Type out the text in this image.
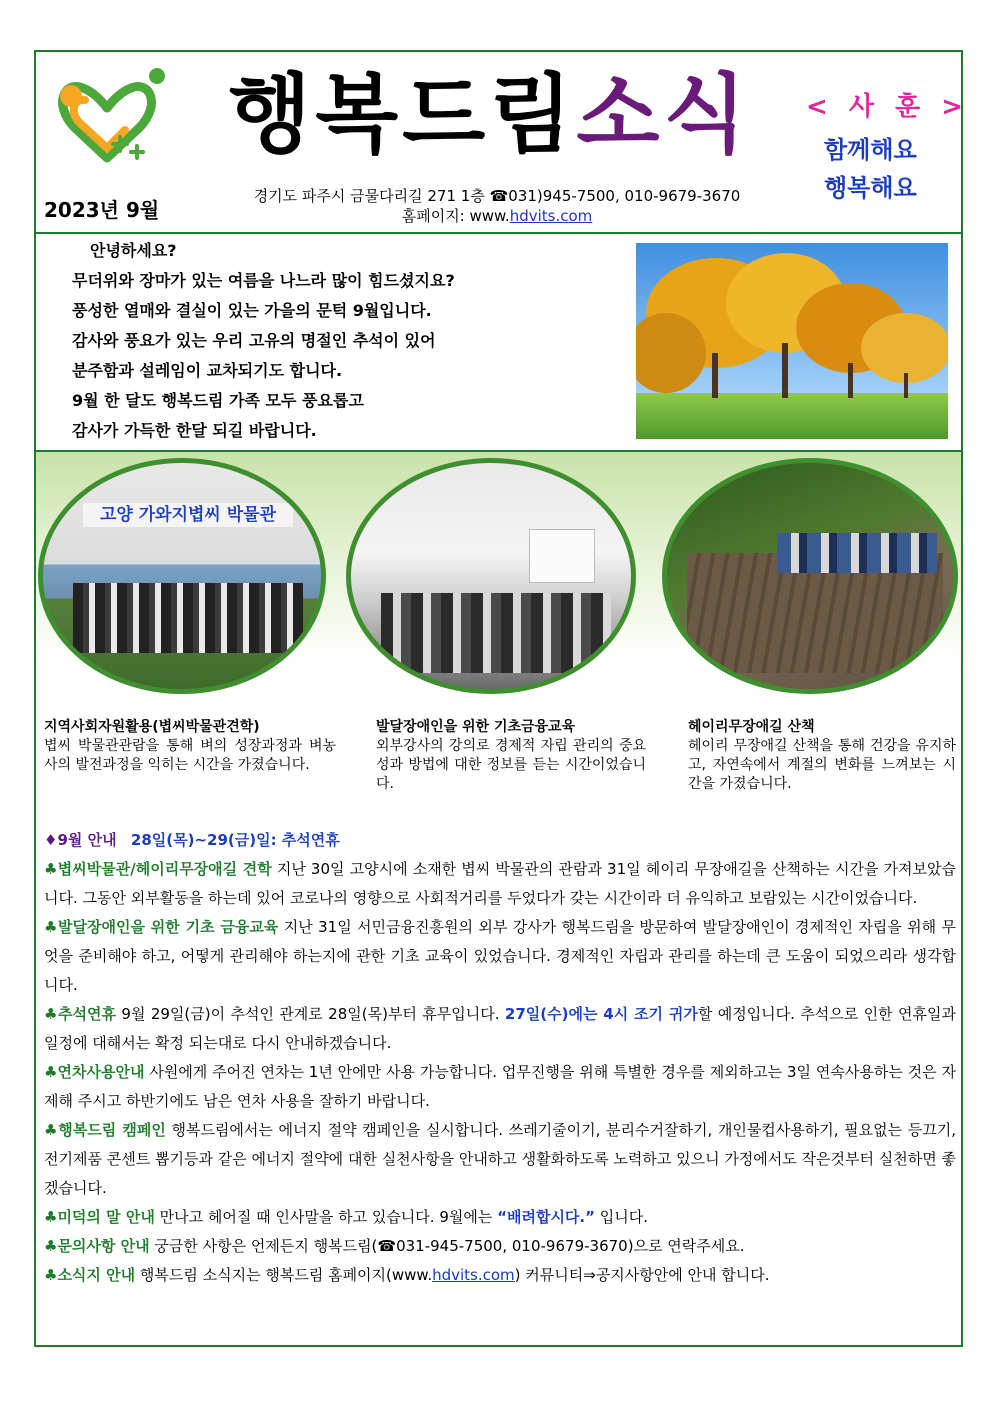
행복드림소식 < 사 훈 >
함께해요
행복해요
2023년 9월
경기도 파주시 금물다리길 271 1층 ☎031)945-7500, 010-9679-3670
홈페이지: www.hdvits.com
안녕하세요?
무더위와 장마가 있는 여름을 나느라 많이 힘드셨지요?
풍성한 열매와 결실이 있는 가을의 문턱 9월입니다.
감사와 풍요가 있는 우리 고유의 명절인 추석이 있어
분주함과 설레임이 교차되기도 합니다.
9월 한 달도 행복드림 가족 모두 풍요롭고
감사가 가득한 한달 되길 바랍니다.
고양 가와지볍씨 박물관
지역사회자원활용(볍씨박물관견학)
볍씨 박물관관람을 통해 벼의 성장과정과 벼농사의 발전과정을 익히는 시간을 가졌습니다.
발달장애인을 위한 기초금융교육
외부강사의 강의로 경제적 자립 관리의 중요성과 방법에 대한 정보를 듣는 시간이었습니다.
헤이리무장애길 산책
헤이리 무장애길 산책을 통해 건강을 유지하고, 자연속에서 계절의 변화를 느껴보는 시간을 가졌습니다.

♦9월 안내 28일(목)~29(금)일: 추석연휴

♣볍씨박물관/헤이리무장애길 견학 지난 30일 고양시에 소재한 볍씨 박물관의 관람과 31일 헤이리 무장애길을 산책하는 시간을 가져보았습니다. 그동안 외부활동을 하는데 있어 코로나의 영향으로 사회적거리를 두었다가 갖는 시간이라 더 유익하고 보람있는 시간이었습니다.

♣발달장애인을 위한 기초 금융교육 지난 31일 서민금융진흥원의 외부 강사가 행복드림을 방문하여 발달장애인이 경제적인 자립을 위해 무엇을 준비해야 하고, 어떻게 관리해야 하는지에 관한 기초 교육이 있었습니다. 경제적인 자립과 관리를 하는데 큰 도움이 되었으리라 생각합니다.

♣추석연휴 9월 29일(금)이 추석인 관계로 28일(목)부터 휴무입니다. 27일(수)에는 4시 조기 귀가할 예정입니다. 추석으로 인한 연휴일과 일정에 대해서는 확정 되는대로 다시 안내하겠습니다.

♣연차사용안내 사원에게 주어진 연차는 1년 안에만 사용 가능합니다. 업무진행을 위해 특별한 경우를 제외하고는 3일 연속사용하는 것은 자제해 주시고 하반기에도 남은 연차 사용을 잘하기 바랍니다.

♣행복드림 캠페인 행복드림에서는 에너지 절약 캠페인을 실시합니다. 쓰레기줄이기, 분리수거잘하기, 개인물컵사용하기, 필요없는 등끄기, 전기제품 콘센트 뽑기등과 같은 에너지 절약에 대한 실천사항을 안내하고 생활화하도록 노력하고 있으니 가정에서도 작은것부터 실천하면 좋겠습니다.

♣미덕의 말 안내 만나고 헤어질 때 인사말을 하고 있습니다. 9월에는 “배려합시다.” 입니다.

♣문의사항 안내 궁금한 사항은 언제든지 행복드림(☎031-945-7500, 010-9679-3670)으로 연락주세요.

♣소식지 안내 행복드림 소식지는 행복드림 홈페이지(www.hdvits.com) 커뮤니티⇒공지사항안에 안내 합니다.
